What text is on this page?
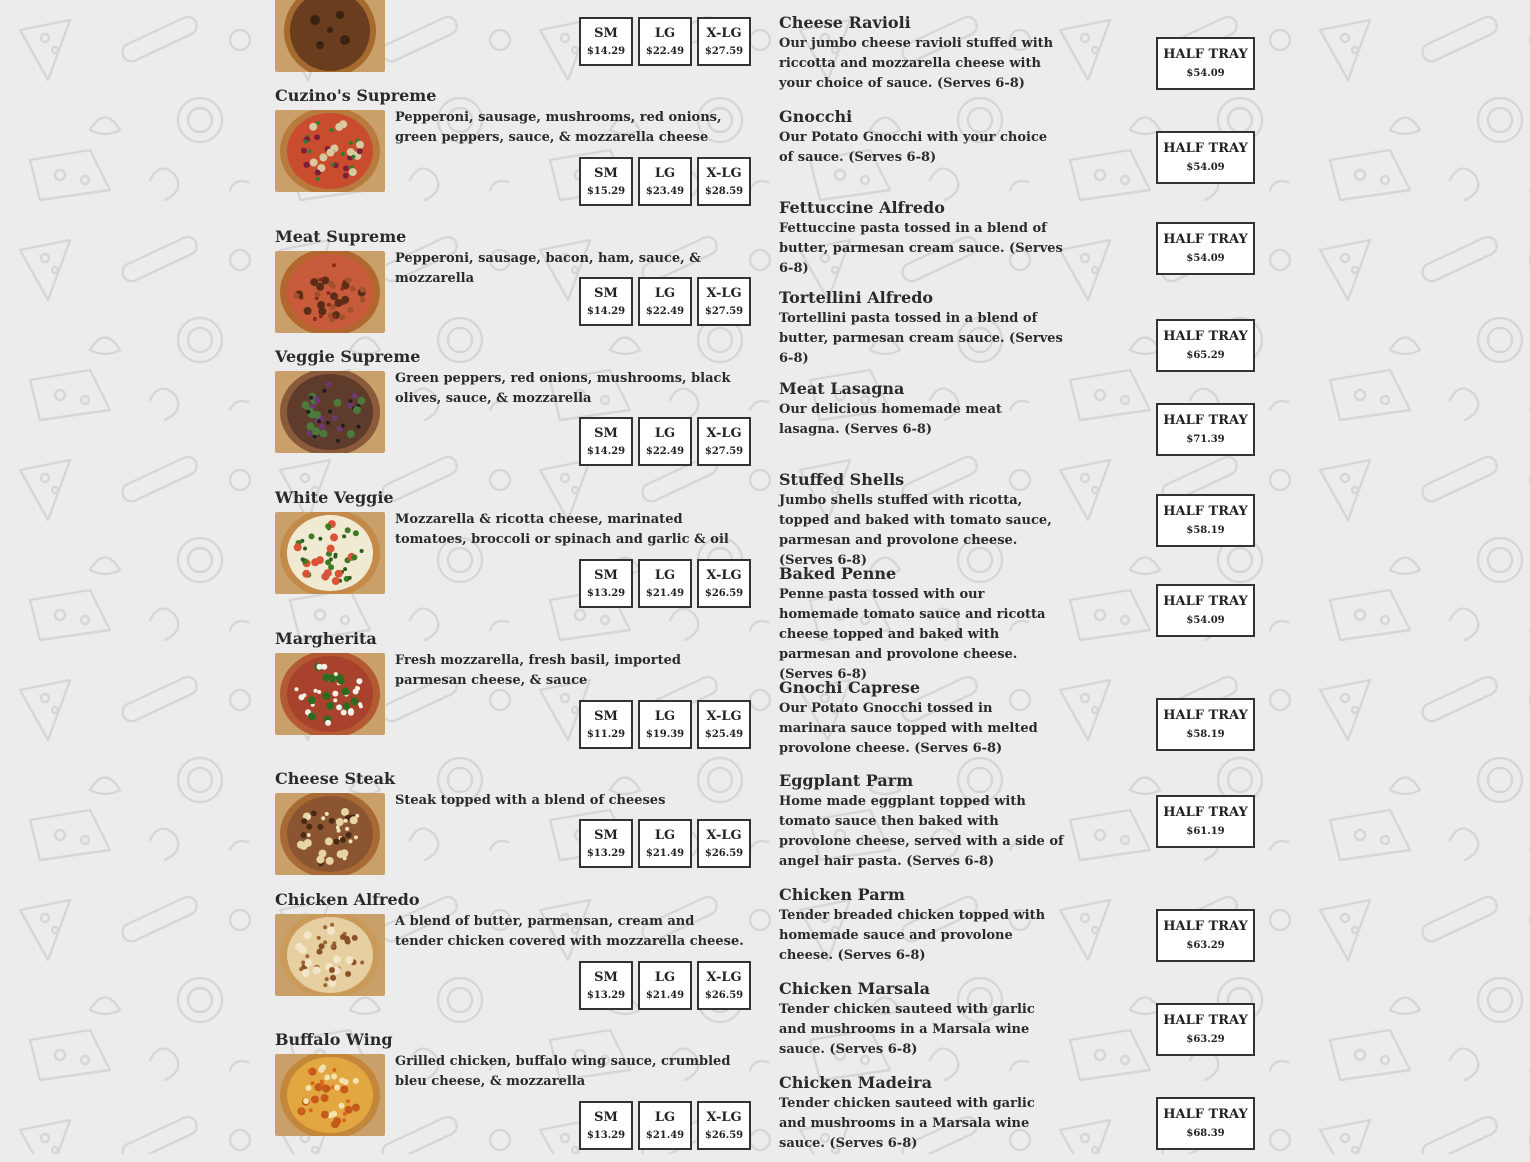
SM
$14.29
LG
$22.49
X-LG
$27.59
Cuzino's Supreme
Pepperoni, sausage, mushrooms, red onions, green peppers, sauce, & mozzarella cheese
SM
$15.29
LG
$23.49
X-LG
$28.59
Meat Supreme
Pepperoni, sausage, bacon, ham, sauce, & mozzarella
SM
$14.29
LG
$22.49
X-LG
$27.59
Veggie Supreme
Green peppers, red onions, mushrooms, black olives, sauce, & mozzarella
SM
$14.29
LG
$22.49
X-LG
$27.59
White Veggie
Mozzarella & ricotta cheese, marinated tomatoes, broccoli or spinach and garlic & oil
SM
$13.29
LG
$21.49
X-LG
$26.59
Margherita
Fresh mozzarella, fresh basil, imported parmesan cheese, & sauce
SM
$11.29
LG
$19.39
X-LG
$25.49
Cheese Steak
Steak topped with a blend of cheeses
SM
$13.29
LG
$21.49
X-LG
$26.59
Chicken Alfredo
A blend of butter, parmensan, cream and tender chicken covered with mozzarella cheese.
SM
$13.29
LG
$21.49
X-LG
$26.59
Buffalo Wing
Grilled chicken, buffalo wing sauce, crumbled bleu cheese, & mozzarella
SM
$13.29
LG
$21.49
X-LG
$26.59
Cheese Ravioli
Our jumbo cheese ravioli stuffed with riccotta and mozzarella cheese with your choice of sauce. (Serves 6-8)
HALF TRAY
$54.09
Gnocchi
Our Potato Gnocchi with your choice of sauce. (Serves 6-8)
HALF TRAY
$54.09
Fettuccine Alfredo
Fettuccine pasta tossed in a blend of butter, parmesan cream sauce. (Serves 6-8)
HALF TRAY
$54.09
Tortellini Alfredo
Tortellini pasta tossed in a blend of butter, parmesan cream sauce. (Serves 6-8)
HALF TRAY
$65.29
Meat Lasagna
Our delicious homemade meat lasagna. (Serves 6-8)
HALF TRAY
$71.39
Stuffed Shells
Jumbo shells stuffed with ricotta, topped and baked with tomato sauce, parmesan and provolone cheese. (Serves 6-8)
HALF TRAY
$58.19
Baked Penne
Penne pasta tossed with our homemade tomato sauce and ricotta cheese topped and baked with parmesan and provolone cheese. (Serves 6-8)
HALF TRAY
$54.09
Gnochi Caprese
Our Potato Gnocchi tossed in marinara sauce topped with melted provolone cheese. (Serves 6-8)
HALF TRAY
$58.19
Eggplant Parm
Home made eggplant topped with tomato sauce then baked with provolone cheese, served with a side of angel hair pasta. (Serves 6-8)
HALF TRAY
$61.19
Chicken Parm
Tender breaded chicken topped with homemade sauce and provolone cheese. (Serves 6-8)
HALF TRAY
$63.29
Chicken Marsala
Tender chicken sauteed with garlic and mushrooms in a Marsala wine sauce. (Serves 6-8)
HALF TRAY
$63.29
Chicken Madeira
Tender chicken sauteed with garlic and mushrooms in a Marsala wine sauce. (Serves 6-8)
HALF TRAY
$68.39
